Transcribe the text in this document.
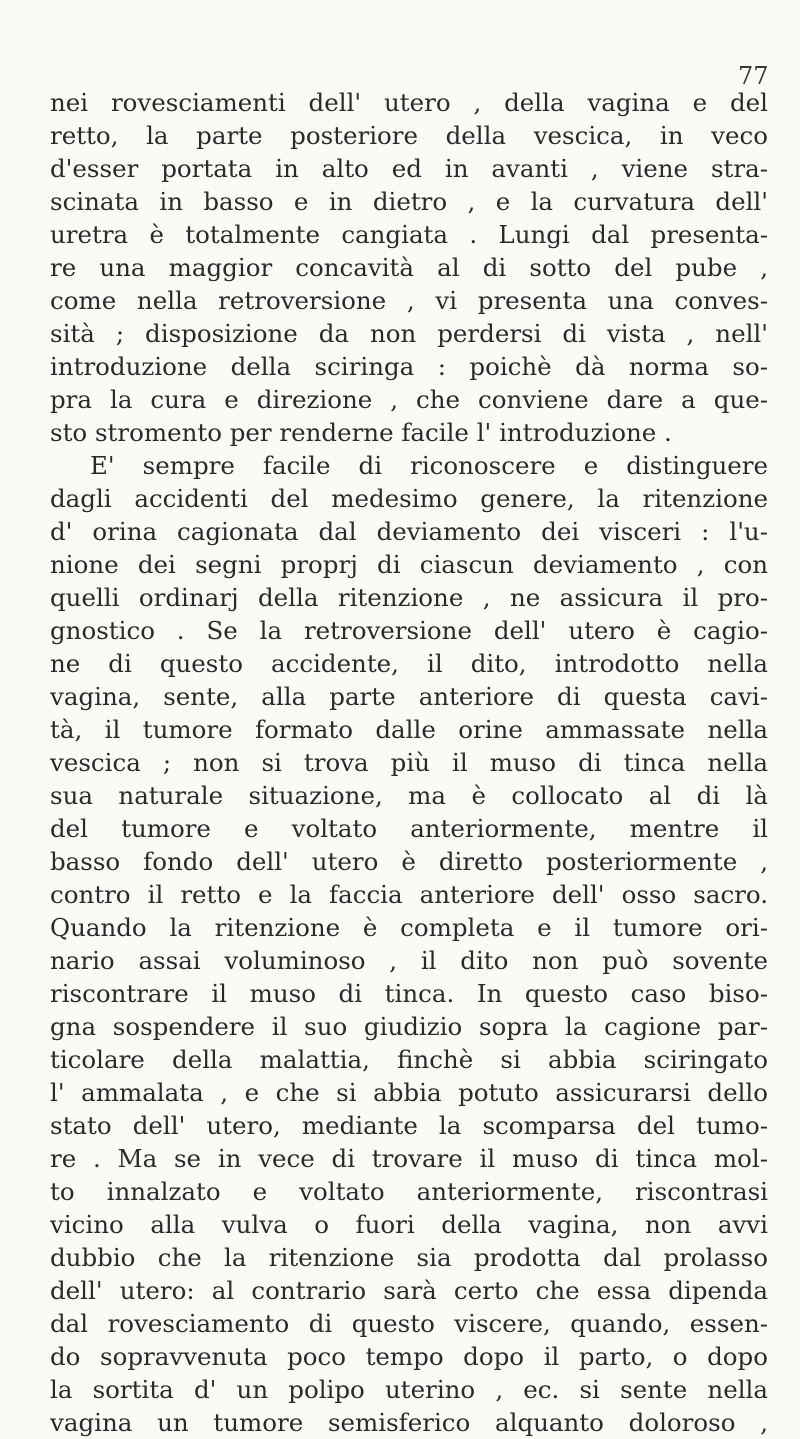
77
nei rovesciamenti dell' utero , della vagina e del
retto, la parte posteriore della vescica, in veco
d'esser portata in alto ed in avanti , viene stra-
scinata in basso e in dietro , e la curvatura dell'
uretra è totalmente cangiata . Lungi dal presenta-
re una maggior concavità al di sotto del pube ,
come nella retroversione , vi presenta una conves-
sità ; disposizione da non perdersi di vista , nell'
introduzione della sciringa : poichè dà norma so-
pra la cura e direzione , che conviene dare a que-
sto stromento per renderne facile l' introduzione .
E' sempre facile di riconoscere e distinguere
dagli accidenti del medesimo genere, la ritenzione
d' orina cagionata dal deviamento dei visceri : l'u-
nione dei segni proprj di ciascun deviamento , con
quelli ordinarj della ritenzione , ne assicura il pro-
gnostico . Se la retroversione dell' utero è cagio-
ne di questo accidente, il dito, introdotto nella
vagina, sente, alla parte anteriore di questa cavi-
tà, il tumore formato dalle orine ammassate nella
vescica ; non si trova più il muso di tinca nella
sua naturale situazione, ma è collocato al di là
del tumore e voltato anteriormente, mentre il
basso fondo dell' utero è diretto posteriormente ,
contro il retto e la faccia anteriore dell' osso sacro.
Quando la ritenzione è completa e il tumore ori-
nario assai voluminoso , il dito non può sovente
riscontrare il muso di tinca. In questo caso biso-
gna sospendere il suo giudizio sopra la cagione par-
ticolare della malattia, finchè si abbia sciringato
l' ammalata , e che si abbia potuto assicurarsi dello
stato dell' utero, mediante la scomparsa del tumo-
re . Ma se in vece di trovare il muso di tinca mol-
to innalzato e voltato anteriormente, riscontrasi
vicino alla vulva o fuori della vagina, non avvi
dubbio che la ritenzione sia prodotta dal prolasso
dell' utero: al contrario sarà certo che essa dipenda
dal rovesciamento di questo viscere, quando, essen-
do sopravvenuta poco tempo dopo il parto, o dopo
la sortita d' un polipo uterino , ec. si sente nella
vagina un tumore semisferico alquanto doloroso ,
